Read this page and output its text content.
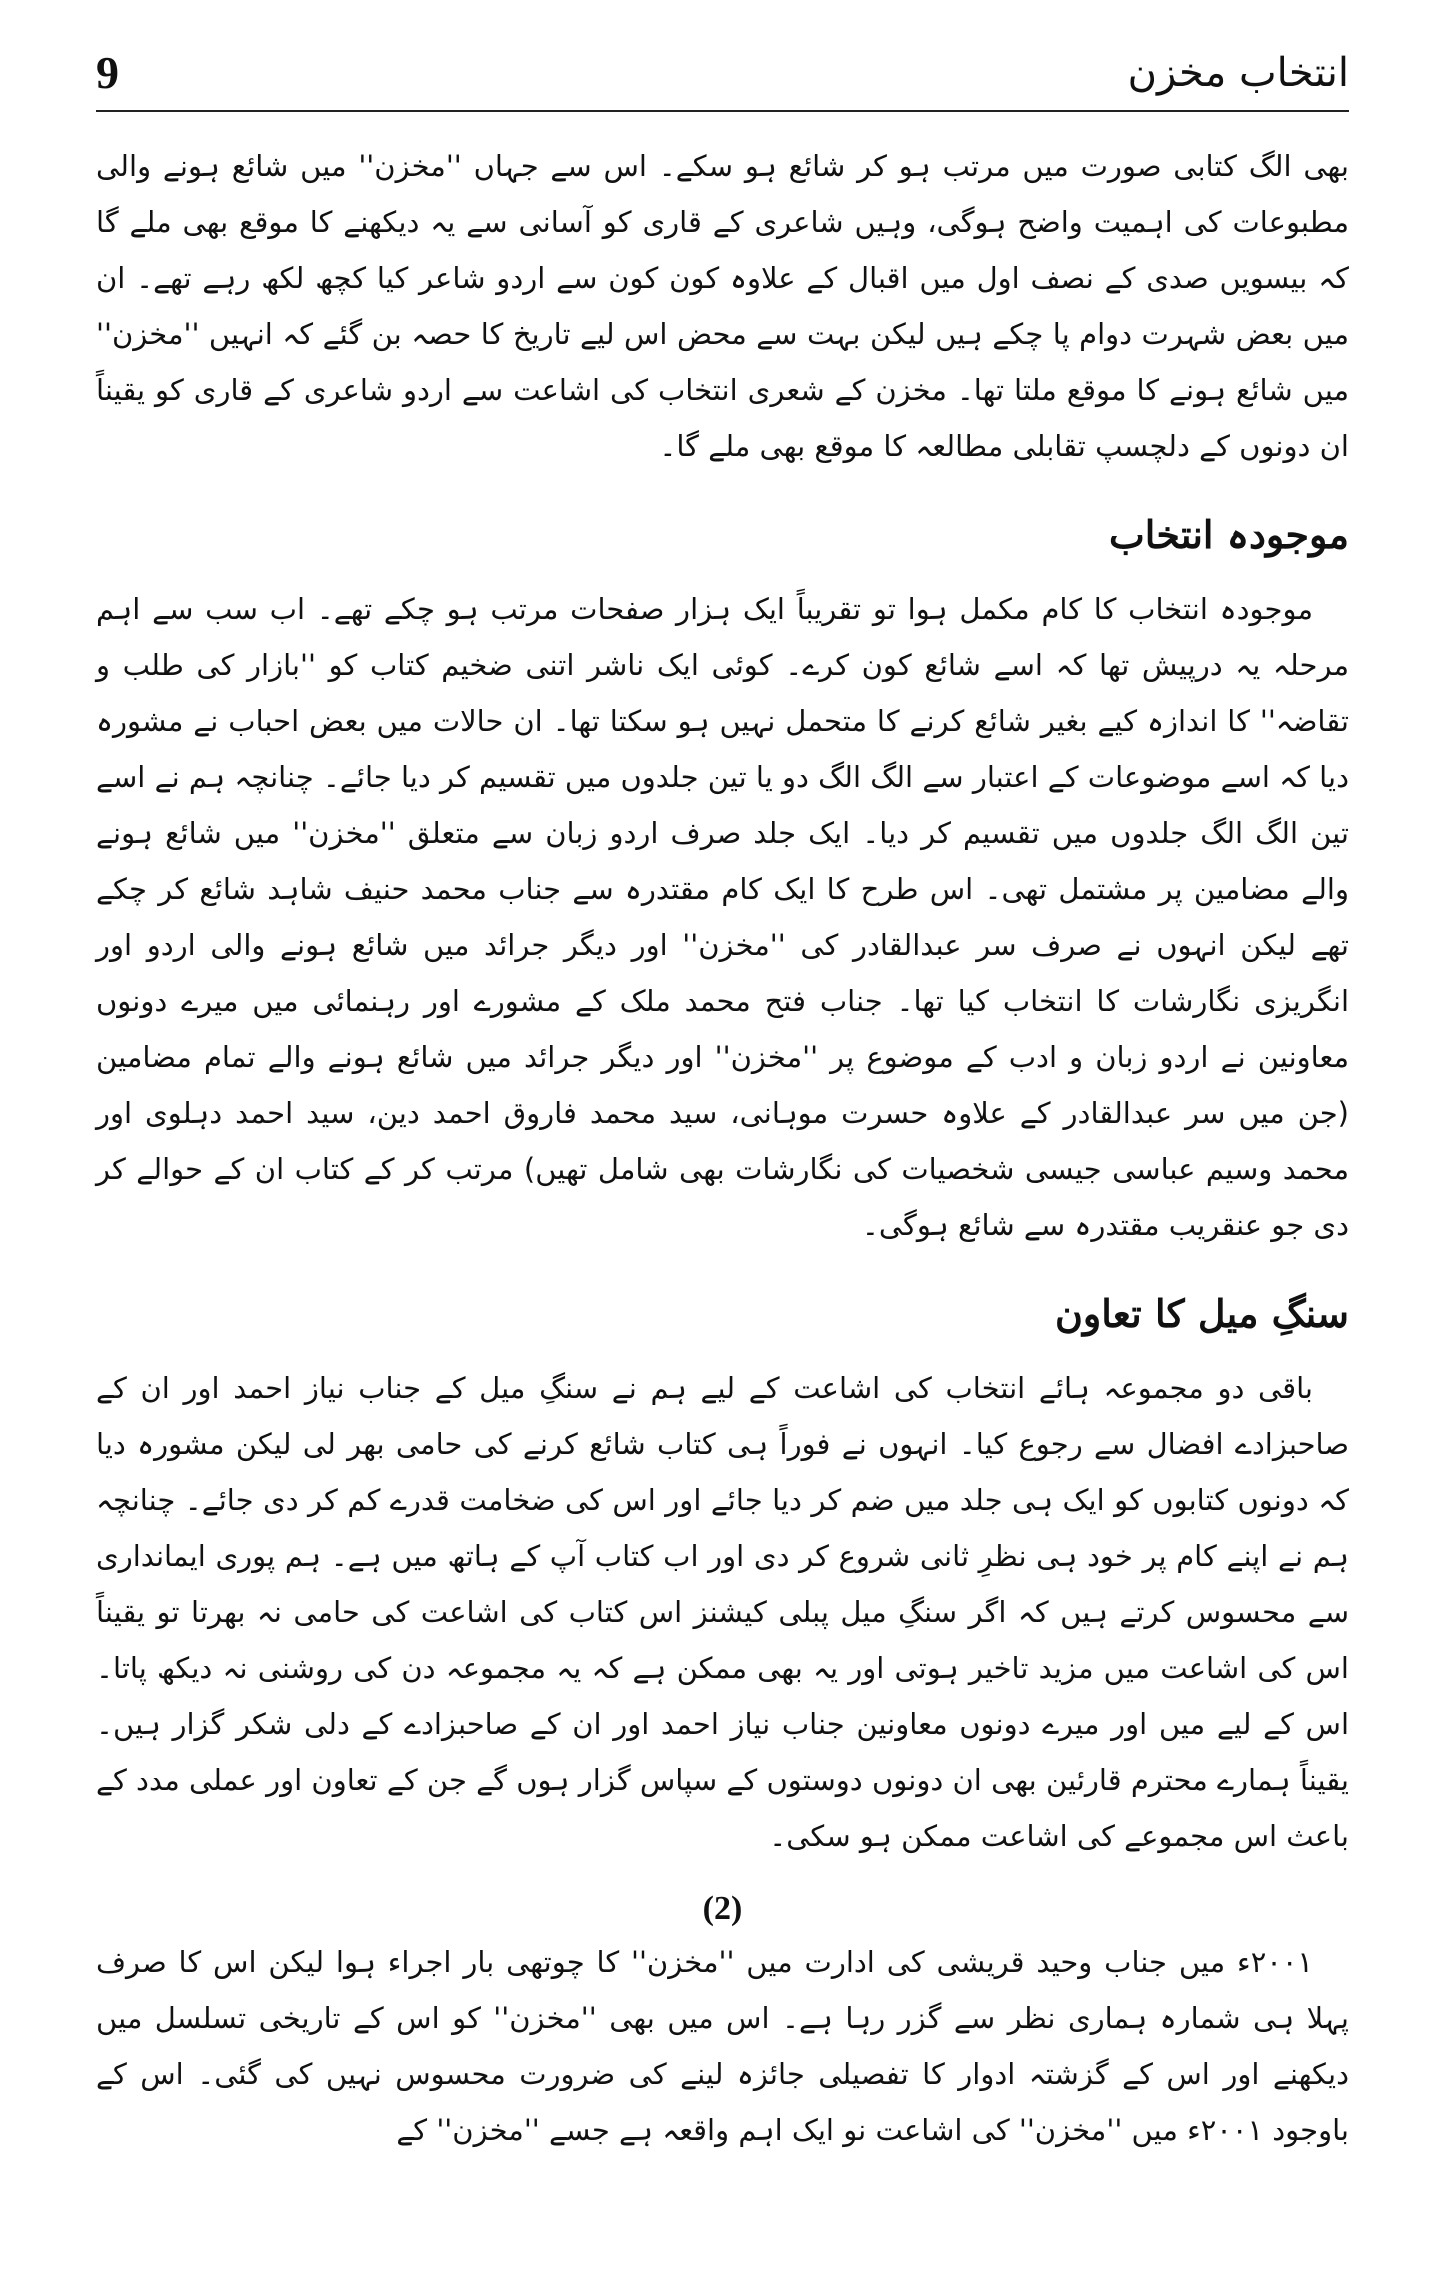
انتخاب مخزن
9

بھی الگ کتابی صورت میں مرتب ہو کر شائع ہو سکے۔ اس سے جہاں ''مخزن'' میں شائع ہونے والی مطبوعات کی اہمیت واضح ہوگی، وہیں شاعری کے قاری کو آسانی سے یہ دیکھنے کا موقع بھی ملے گا کہ بیسویں صدی کے نصف اول میں اقبال کے علاوہ کون کون سے اردو شاعر کیا کچھ لکھ رہے تھے۔ ان میں بعض شہرت دوام پا چکے ہیں لیکن بہت سے محض اس لیے تاریخ کا حصہ بن گئے کہ انہیں ''مخزن'' میں شائع ہونے کا موقع ملتا تھا۔ مخزن کے شعری انتخاب کی اشاعت سے اردو شاعری کے قاری کو یقیناً ان دونوں کے دلچسپ تقابلی مطالعہ کا موقع بھی ملے گا۔

موجودہ انتخاب

موجودہ انتخاب کا کام مکمل ہوا تو تقریباً ایک ہزار صفحات مرتب ہو چکے تھے۔ اب سب سے اہم مرحلہ یہ درپیش تھا کہ اسے شائع کون کرے۔ کوئی ایک ناشر اتنی ضخیم کتاب کو ''بازار کی طلب و تقاضہ'' کا اندازہ کیے بغیر شائع کرنے کا متحمل نہیں ہو سکتا تھا۔ ان حالات میں بعض احباب نے مشورہ دیا کہ اسے موضوعات کے اعتبار سے الگ الگ دو یا تین جلدوں میں تقسیم کر دیا جائے۔ چنانچہ ہم نے اسے تین الگ الگ جلدوں میں تقسیم کر دیا۔ ایک جلد صرف اردو زبان سے متعلق ''مخزن'' میں شائع ہونے والے مضامین پر مشتمل تھی۔ اس طرح کا ایک کام مقتدرہ سے جناب محمد حنیف شاہد شائع کر چکے تھے لیکن انہوں نے صرف سر عبدالقادر کی ''مخزن'' اور دیگر جرائد میں شائع ہونے والی اردو اور انگریزی نگارشات کا انتخاب کیا تھا۔ جناب فتح محمد ملک کے مشورے اور رہنمائی میں میرے دونوں معاونین نے اردو زبان و ادب کے موضوع پر ''مخزن'' اور دیگر جرائد میں شائع ہونے والے تمام مضامین (جن میں سر عبدالقادر کے علاوہ حسرت موہانی، سید محمد فاروق احمد دین، سید احمد دہلوی اور محمد وسیم عباسی جیسی شخصیات کی نگارشات بھی شامل تھیں) مرتب کر کے کتاب ان کے حوالے کر دی جو عنقریب مقتدرہ سے شائع ہوگی۔

سنگِ میل کا تعاون

باقی دو مجموعہ ہائے انتخاب کی اشاعت کے لیے ہم نے سنگِ میل کے جناب نیاز احمد اور ان کے صاحبزادے افضال سے رجوع کیا۔ انہوں نے فوراً ہی کتاب شائع کرنے کی حامی بھر لی لیکن مشورہ دیا کہ دونوں کتابوں کو ایک ہی جلد میں ضم کر دیا جائے اور اس کی ضخامت قدرے کم کر دی جائے۔ چنانچہ ہم نے اپنے کام پر خود ہی نظرِ ثانی شروع کر دی اور اب کتاب آپ کے ہاتھ میں ہے۔ ہم پوری ایمانداری سے محسوس کرتے ہیں کہ اگر سنگِ میل پبلی کیشنز اس کتاب کی اشاعت کی حامی نہ بھرتا تو یقیناً اس کی اشاعت میں مزید تاخیر ہوتی اور یہ بھی ممکن ہے کہ یہ مجموعہ دن کی روشنی نہ دیکھ پاتا۔ اس کے لیے میں اور میرے دونوں معاونین جناب نیاز احمد اور ان کے صاحبزادے کے دلی شکر گزار ہیں۔ یقیناً ہمارے محترم قارئین بھی ان دونوں دوستوں کے سپاس گزار ہوں گے جن کے تعاون اور عملی مدد کے باعث اس مجموعے کی اشاعت ممکن ہو سکی۔

(2)

۲۰۰۱ء میں جناب وحید قریشی کی ادارت میں ''مخزن'' کا چوتھی بار اجراء ہوا لیکن اس کا صرف پہلا ہی شمارہ ہماری نظر سے گزر رہا ہے۔ اس میں بھی ''مخزن'' کو اس کے تاریخی تسلسل میں دیکھنے اور اس کے گزشتہ ادوار کا تفصیلی جائزہ لینے کی ضرورت محسوس نہیں کی گئی۔ اس کے باوجود ۲۰۰۱ء میں ''مخزن'' کی اشاعت نو ایک اہم واقعہ ہے جسے ''مخزن'' کے
